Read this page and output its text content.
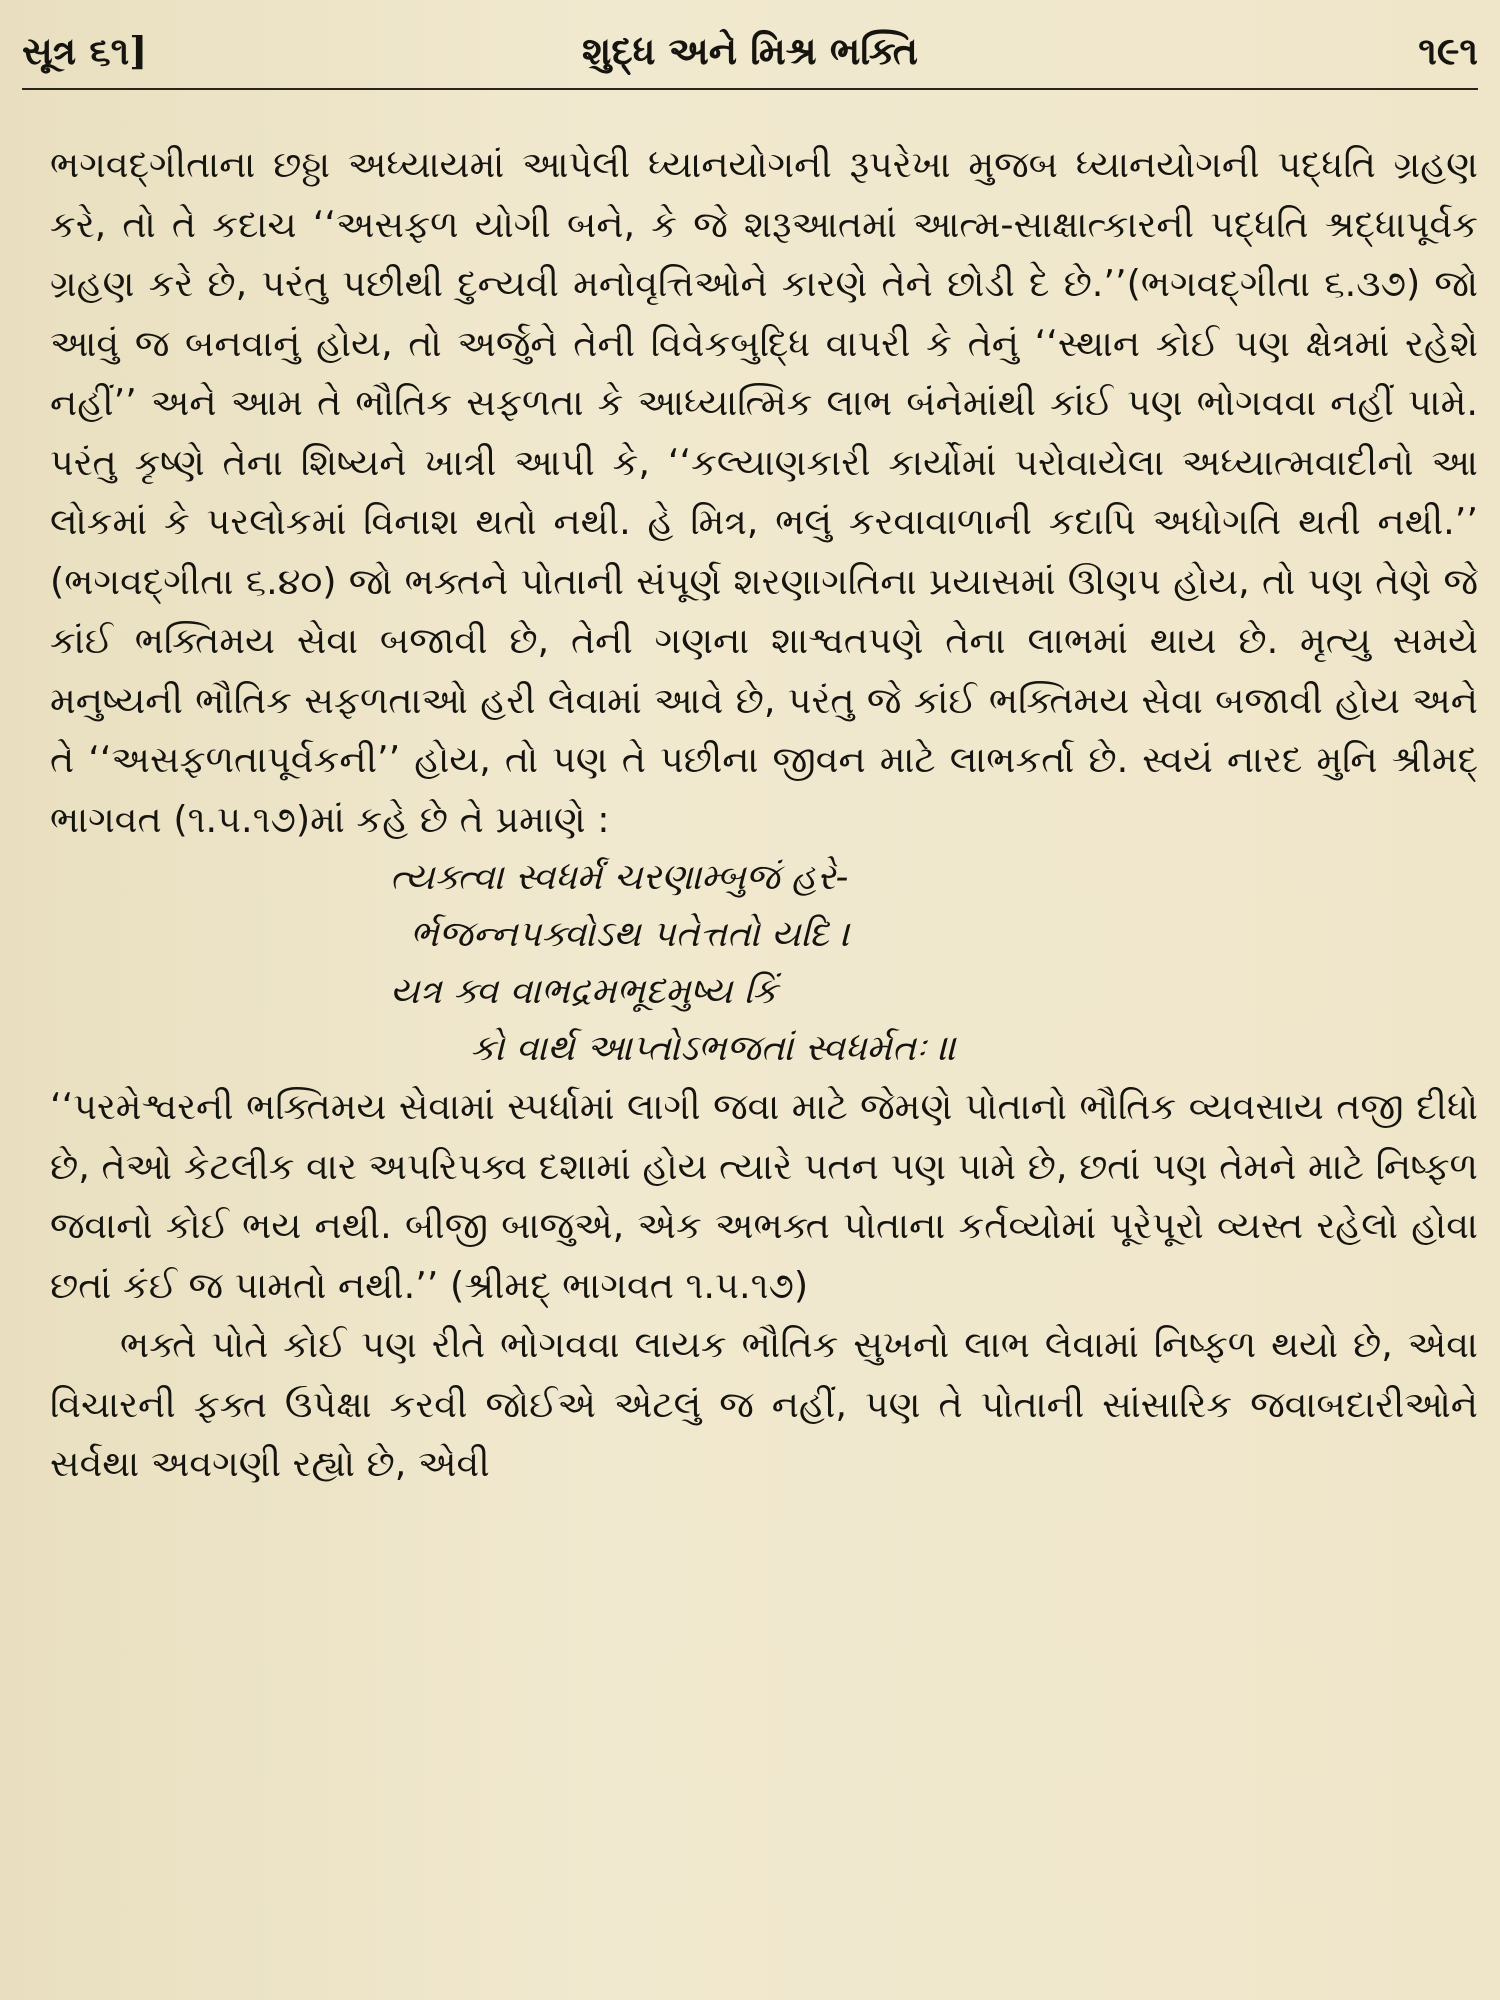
સૂત્ર ૬૧]	શુદ્ધ અને મિશ્ર ભક્તિ	૧૯૧

ભગવદ્ગીતાના છઠ્ઠા અધ્યાયમાં આપેલી ધ્યાનયોગની રૂપરેખા મુજબ ધ્યાનયોગની પદ્ધતિ ગ્રહણ કરે, તો તે કદાચ ‘‘અસફળ યોગી બને, કે જે શરૂઆતમાં આત્મ-સાક્ષાત્કારની પદ્ધતિ શ્રદ્ધાપૂર્વક ગ્રહણ કરે છે, પરંતુ પછીથી દુન્યવી મનોવૃત્તિઓને કારણે તેને છોડી દે છે.’’(ભગવદ્ગીતા ૬.૩૭) જો આવું જ બનવાનું હોય, તો અર્જુને તેની વિવેકબુદ્ધિ વાપરી કે તેનું ‘‘સ્થાન કોઈ પણ ક્ષેત્રમાં રહેશે નહીં’’ અને આમ તે ભૌતિક સફળતા કે આધ્યાત્મિક લાભ બંનેમાંથી કાંઈ પણ ભોગવવા નહીં પામે. પરંતુ કૃષ્ણે તેના શિષ્યને ખાત્રી આપી કે, ‘‘કલ્યાણકારી કાર્યોમાં પરોવાયેલા અધ્યાત્મવાદીનો આ લોકમાં કે પરલોકમાં વિનાશ થતો નથી. હે મિત્ર, ભલું કરવાવાળાની કદાપિ અધોગતિ થતી નથી.’’ (ભગવદ્ગીતા ૬.૪૦) જો ભક્તને પોતાની સંપૂર્ણ શરણાગતિના પ્રયાસમાં ઊણપ હોય, તો પણ તેણે જે કાંઈ ભક્તિમય સેવા બજાવી છે, તેની ગણના શાશ્વતપણે તેના લાભમાં થાય છે. મૃત્યુ સમયે મનુષ્યની ભૌતિક સફળતાઓ હરી લેવામાં આવે છે, પરંતુ જે કાંઈ ભક્તિમય સેવા બજાવી હોય અને તે ‘‘અસફળતાપૂર્વકની’’ હોય, તો પણ તે પછીના જીવન માટે લાભકર્તા છે. સ્વયં નારદ મુનિ શ્રીમદ્ ભાગવત (૧.૫.૧૭)માં કહે છે તે પ્રમાણે :

ત્યક્ત્વા સ્વધર્મં ચરણામ્બુજં હરે-
ર્ભજન્નપક્વોઽથ પતેત્તતો યદિ ।
યત્ર ક્વ વાભદ્રમભૂદમુષ્ય કિં
કો વાર્થ આપ્તોઽભજતાં સ્વધર્મતઃ ॥

‘‘પરમેશ્વરની ભક્તિમય સેવામાં સ્પર્ધામાં લાગી જવા માટે જેમણે પોતાનો ભૌતિક વ્યવસાય તજી દીધો છે, તેઓ કેટલીક વાર અપરિપક્વ દશામાં હોય ત્યારે પતન પણ પામે છે, છતાં પણ તેમને માટે નિષ્ફળ જવાનો કોઈ ભય નથી. બીજી બાજુએ, એક અભક્ત પોતાના કર્તવ્યોમાં પૂરેપૂરો વ્યસ્ત રહેલો હોવા છતાં કંઈ જ પામતો નથી.’’ (શ્રીમદ્ ભાગવત ૧.૫.૧૭)

ભક્તે પોતે કોઈ પણ રીતે ભોગવવા લાયક ભૌતિક સુખનો લાભ લેવામાં નિષ્ફળ થયો છે, એવા વિચારની ફક્ત ઉપેક્ષા કરવી જોઈએ એટલું જ નહીં, પણ તે પોતાની સાંસારિક જવાબદારીઓને સર્વથા અવગણી રહ્યો છે, એવી
